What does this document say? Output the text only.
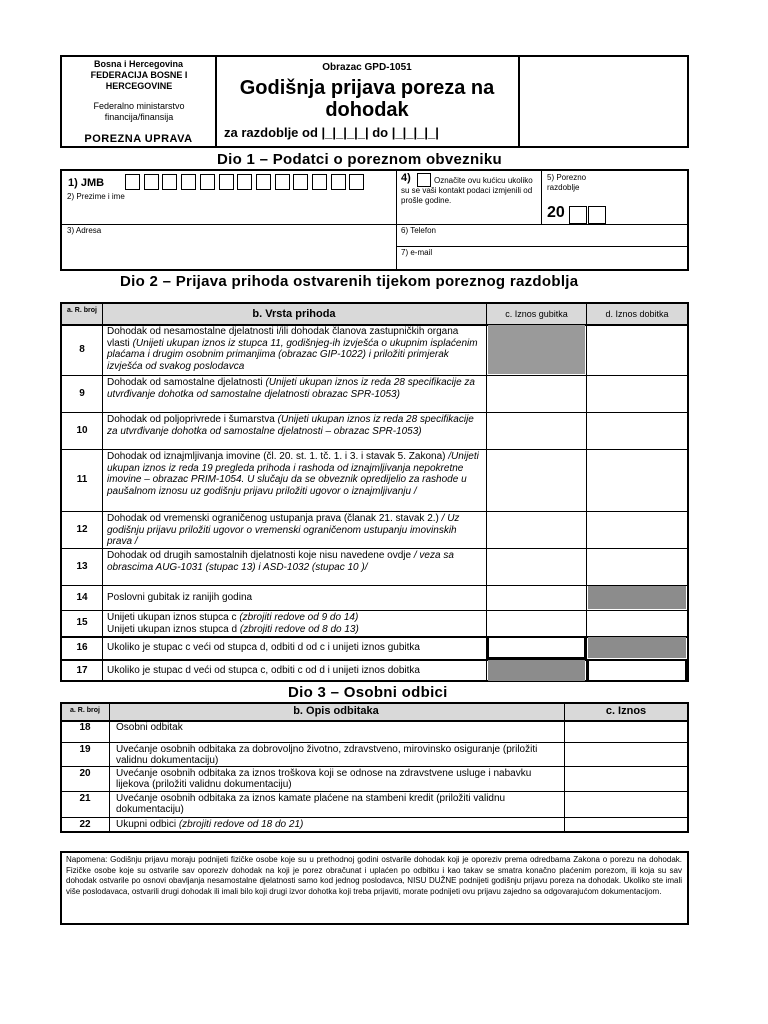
Bosna i Hercegovina
FEDERACIJA BOSNE I HERCEGOVINE
Federalno ministarstvo financija/finansija
POREZNA UPRAVA
Obrazac GPD-1051
Godišnja prijava poreza na dohodak
za razdoblje od |_|_|_|_| do |_|_|_|_|
Dio 1 – Podatci o poreznom obvezniku
1) JMB
2) Prezime i ime
3) Adresa
4)	Označite ovu kućicu ukoliko su se vaši kontakt podaci izmjenili od prošle godine.
5) Porezno razdoblje
20
6) Telefon
7) e-mail
Dio 2 – Prijava prihoda ostvarenih tijekom poreznog razdoblja
a. R. broj	b. Vrsta prihoda	c. Iznos gubitka	d. Iznos dobitka
8
Dohodak od nesamostalne djelatnosti i/ili dohodak članova zastupničkih organa vlasti (Unijeti ukupan iznos iz stupca 11, godišnjeg-ih izvješća o ukupnim isplaćenim plaćama i drugim osobnim primanjima (obrazac GIP-1022) i priložiti primjerak izvješća od svakog poslodavca
9
Dohodak od samostalne djelatnosti (Unijeti ukupan iznos iz reda 28 specifikacije za utvrđivanje dohotka od samostalne djelatnosti obrazac SPR-1053)
10
Dohodak od poljoprivrede i šumarstva (Unijeti ukupan iznos iz reda 28 specifikacije za utvrđivanje dohotka od samostalne djelatnosti – obrazac SPR-1053)
11
Dohodak od iznajmljivanja imovine (čl. 20. st. 1. tč. 1. i 3. i stavak 5. Zakona) /Unijeti ukupan iznos iz reda 19 pregleda prihoda i rashoda od iznajmljivanja nepokretne imovine – obrazac PRIM-1054. U slučaju da se obveznik opredijelio za rashode u paušalnom iznosu uz godišnju prijavu priložiti ugovor o iznajmljivanju /
12
Dohodak od vremenski ograničenog ustupanja prava (članak 21. stavak 2.) / Uz godišnju prijavu priložiti ugovor o vremenski ograničenom ustupanju imovinskih prava /
13
Dohodak od drugih samostalnih djelatnosti koje nisu navedene ovdje / veza sa obrascima AUG-1031 (stupac 13) i ASD-1032 (stupac 10 )/
14	Poslovni gubitak iz ranijih godina
15	Unijeti ukupan iznos stupca c (zbrojiti redove od 9 do 14)
Unijeti ukupan iznos stupca d (zbrojiti redove od 8 do 13)
16	Ukoliko je stupac c veći od stupca d, odbiti d od c i unijeti iznos gubitka
17	Ukoliko je stupac d veći od stupca c, odbiti c od d i unijeti iznos dobitka
Dio 3 – Osobni odbici
a. R. broj	b. Opis odbitaka	c. Iznos
18	Osobni odbitak
19	Uvećanje osobnih odbitaka za dobrovoljno životno, zdravstveno, mirovinsko osiguranje (priložiti validnu dokumentaciju)
20	Uvećanje osobnih odbitaka za iznos troškova koji se odnose na zdravstvene usluge i nabavku lijekova (priložiti validnu dokumentaciju)
21	Uvećanje osobnih odbitaka za iznos kamate plaćene na stambeni kredit (priložiti validnu dokumentaciju)
22	Ukupni odbici (zbrojiti redove od 18 do 21)
Napomena: Godišnju prijavu moraju podnijeti fizičke osobe koje su u prethodnoj godini ostvarile dohodak koji je oporeziv prema odredbama Zakona o porezu na dohodak. Fizičke osobe koje su ostvarile sav oporeziv dohodak na koji je porez obračunat i uplaćen po odbitku i kao takav se smatra konačno plaćenim porezom, ili koja su sav dohodak ostvarile po osnovi obavljanja nesamostalne djelatnosti samo kod jednog poslodavca, NISU DUŽNE podnijeti godišnju prijavu poreza na dohodak. Ukoliko ste imali više poslodavaca, ostvarili drugi dohodak ili imali bilo koji drugi izvor dohotka koji treba prijaviti, morate podnijeti ovu prijavu zajedno sa odgovarajućom dokumentacijom.
